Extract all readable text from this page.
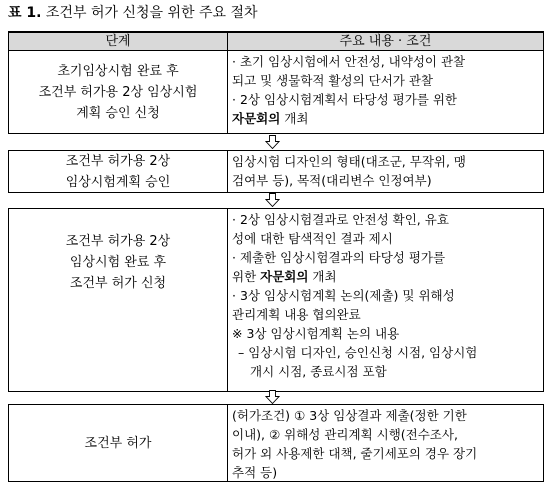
표 1. 조건부 허가 신청을 위한 주요 절차
단계	주요 내용 · 조건
초기임상시험 완료 후
조건부 허가용 2상 임상시험
계획 승인 신청

· 초기 임상시험에서 안전성, 내약성이 관찰

되고 및 생물학적 활성의 단서가 관찰

· 2상 임상시험계획서 타당성 평가를 위한

자문회의 개최

조건부 허가용 2상
임상시험계획 승인

임상시험 디자인의 형태(대조군, 무작위, 맹

검여부 등), 목적(대리변수 인정여부)

조건부 허가용 2상
임상시험 완료 후
조건부 허가 신청

· 2상 임상시험결과로 안전성 확인, 유효

성에 대한 탐색적인 결과 제시

· 제출한 임상시험결과의 타당성 평가를

위한 자문회의 개최

· 3상 임상시험계획 논의(제출) 및 위해성

관리계획 내용 협의완료

※ 3상 임상시험계획 논의 내용

– 임상시험 디자인, 승인신청 시점, 임상시험

개시 시점, 종료시점 포함

조건부 허가

(허가조건) ① 3상 임상결과 제출(정한 기한

이내), ② 위해성 관리계획 시행(전수조사,

허가 외 사용제한 대책, 줄기세포의 경우 장기

추적 등)
